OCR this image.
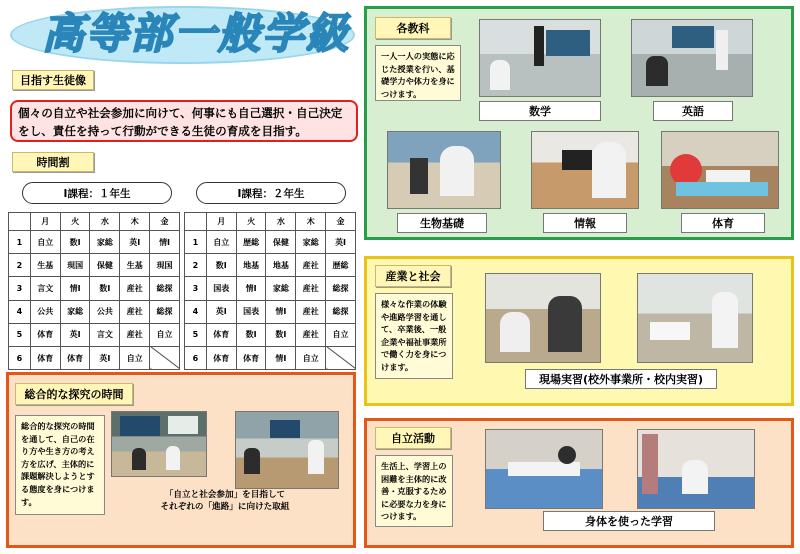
高等部一般学級
目指す生徒像
個々の自立や社会参加に向けて、何事にも自己選択・自己決定をし、責任を持って行動ができる生徒の育成を目指す。
時間割
Ⅰ課程：１年生	Ⅰ課程：２年生
	月	火	水	木	金
1	自立	数Ⅰ	家総	英Ⅰ	情Ⅰ
2	生基	現国	保健	生基	現国
3	言文	情Ⅰ	数Ⅰ	産社	総探
4	公共	家総	公共	産社	総探
5	体育	英Ⅰ	言文	産社	自立
6	体育	体育	英Ⅰ	自立	
	月	火	水	木	金
1	自立	歴総	保健	家総	英Ⅰ
2	数Ⅰ	地基	地基	産社	歴総
3	国表	情Ⅰ	家総	産社	総探
4	英Ⅰ	国表	情Ⅰ	産社	総探
5	体育	数Ⅰ	数Ⅰ	産社	自立
6	体育	体育	情Ⅰ	自立	
総合的な探究の時間
総合的な探究の時間を通して、自己の在り方や生き方の考え方を広げ、主体的に課題解決しようとする態度を身につけます。
「自立と社会参加」を目指して
それぞれの「進路」に向けた取組
各教科
一人一人の実態に応じた授業を行い、基礎学力や体力を身につけます。
数学	英語
生物基礎	情報	体育
産業と社会
様々な作業の体験や進路学習を通して、卒業後、一般企業や福祉事業所で働く力を身につけます。
現場実習(校外事業所・校内実習)
自立活動
生活上、学習上の困難を主体的に改善・克服するために必要な力を身につけます。	身体を使った学習
